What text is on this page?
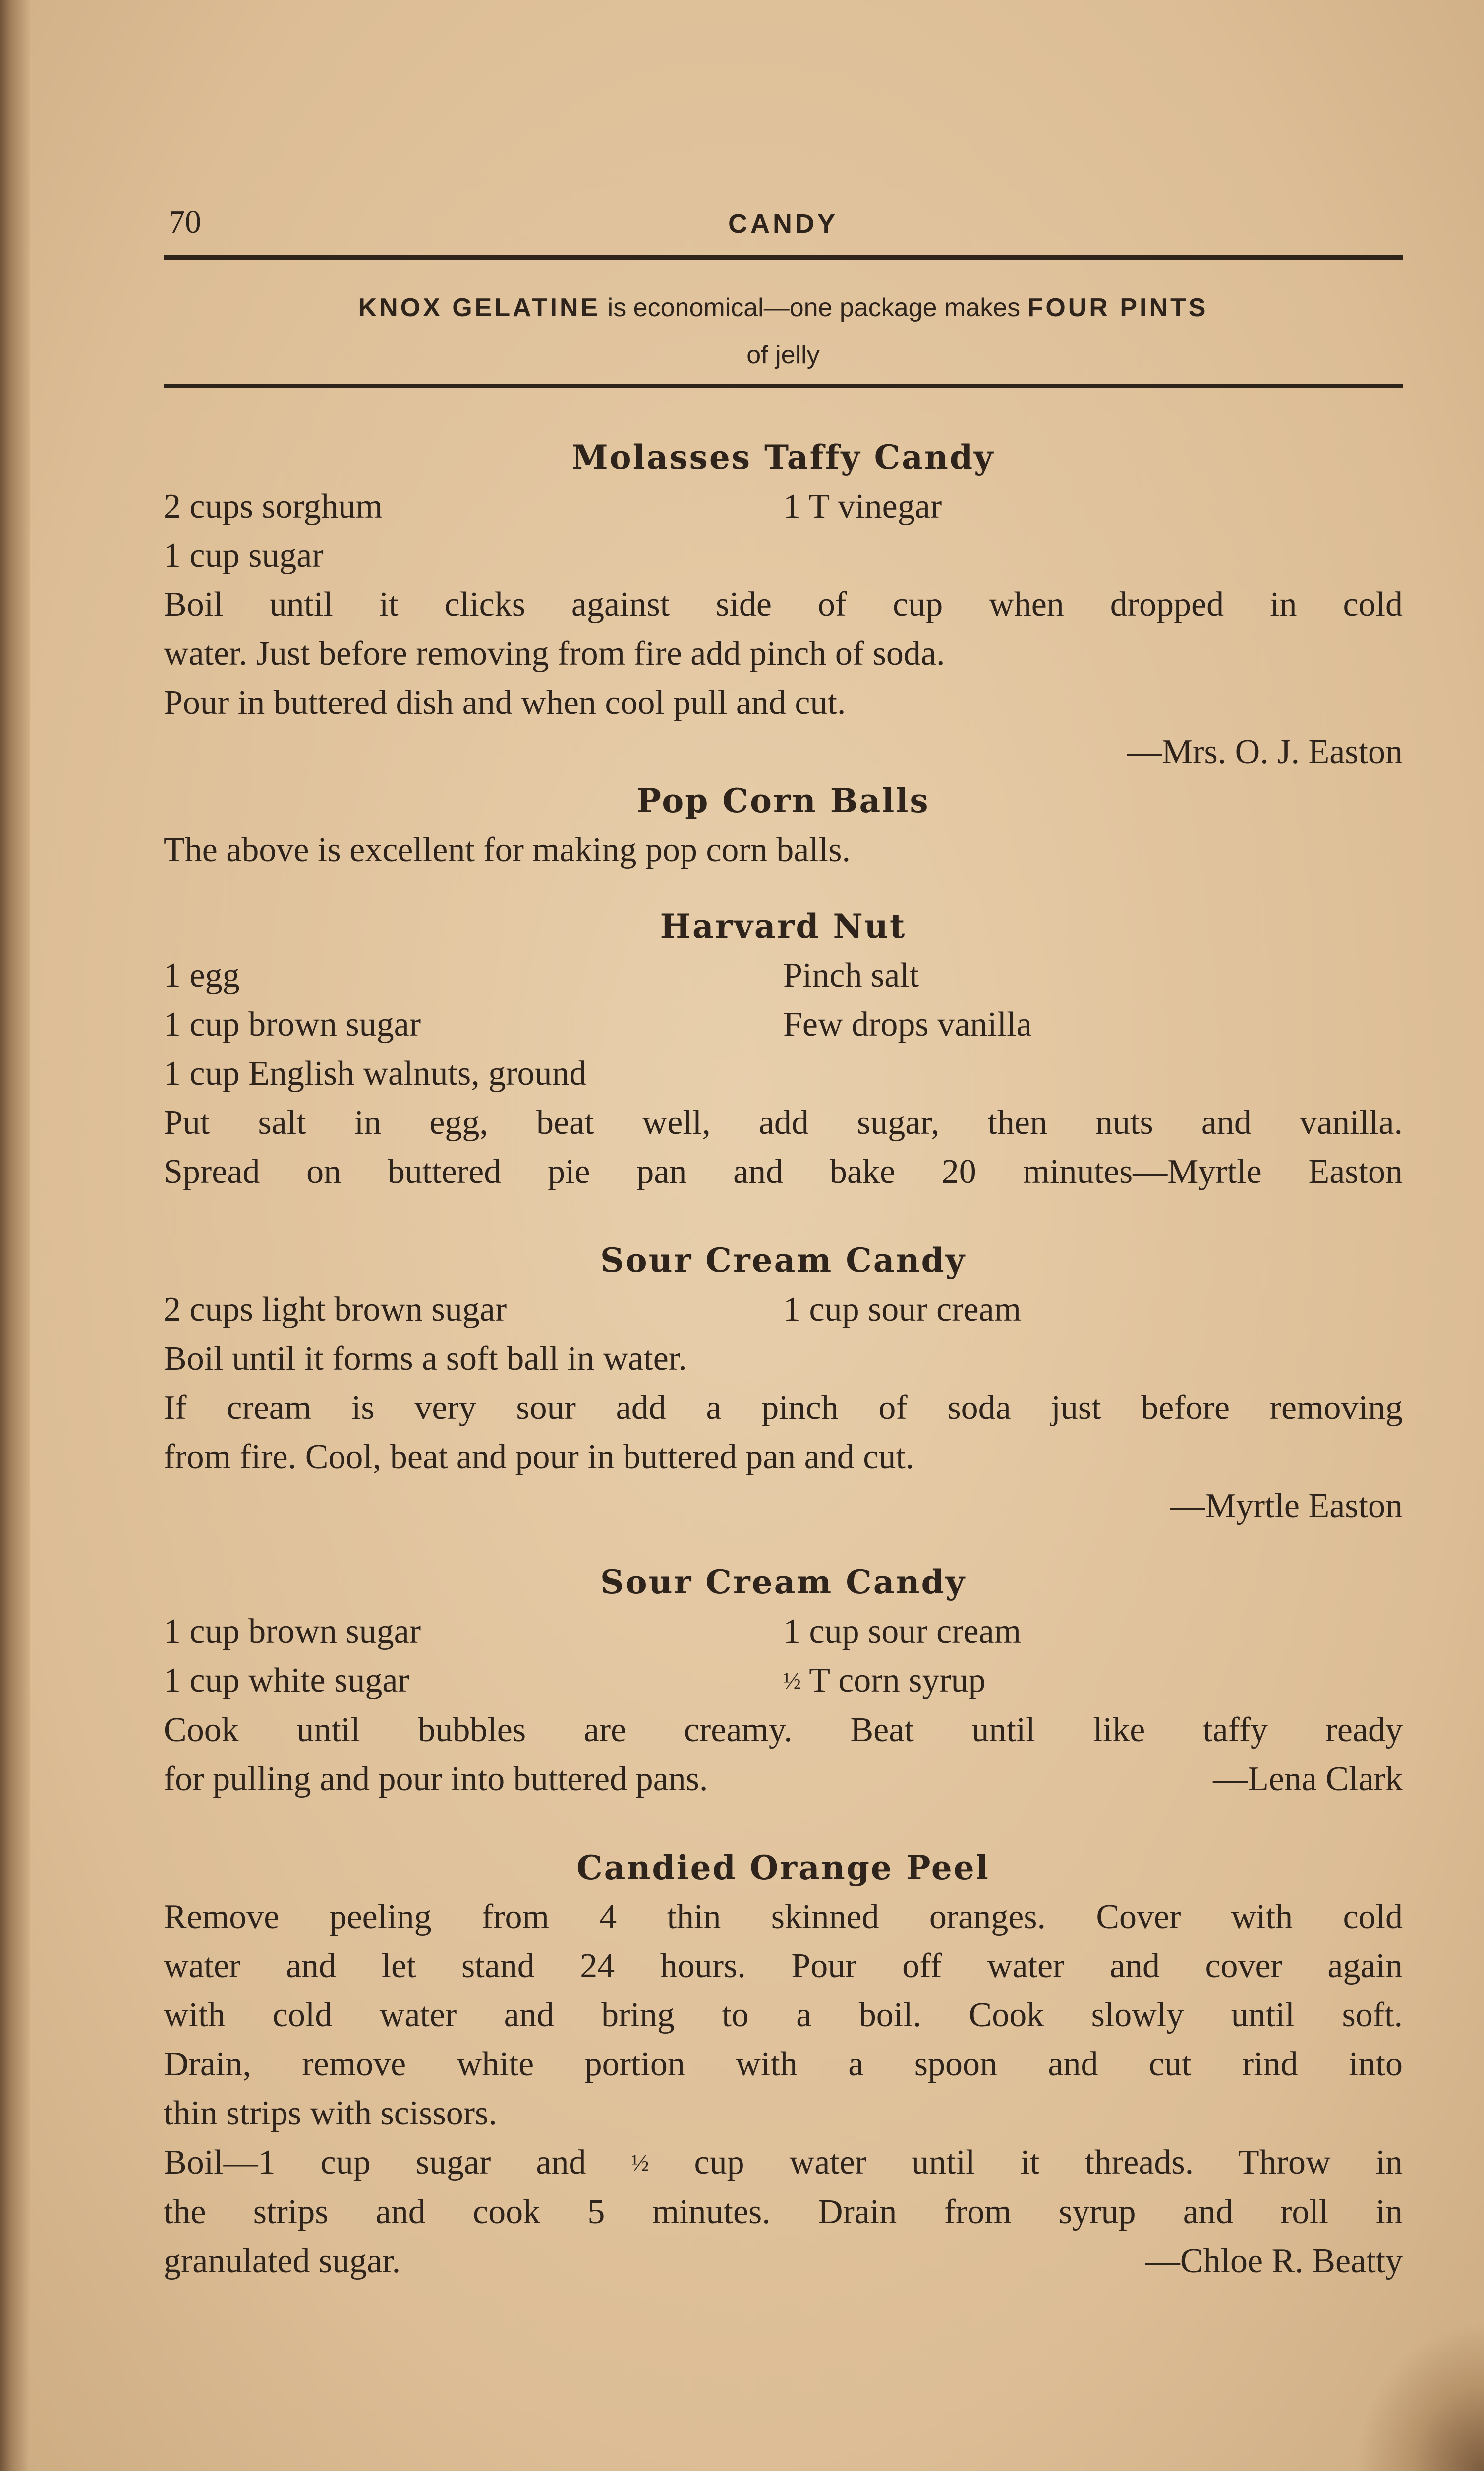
70	CANDY
KNOX GELATINE is economical—one package makes FOUR PINTS
of jelly
Molasses Taffy Candy
2 cups sorghum	1 T vinegar
1 cup sugar
Boil until it clicks against side of cup when dropped in cold
water. Just before removing from fire add pinch of soda.
Pour in buttered dish and when cool pull and cut.
—Mrs. O. J. Easton
Pop Corn Balls
The above is excellent for making pop corn balls.
Harvard Nut
1 egg	Pinch salt
1 cup brown sugar	Few drops vanilla
1 cup English walnuts, ground
Put salt in egg, beat well, add sugar, then nuts and vanilla.
Spread on buttered pie pan and bake 20 minutes—Myrtle Easton
Sour Cream Candy
2 cups light brown sugar	1 cup sour cream
Boil until it forms a soft ball in water.
If cream is very sour add a pinch of soda just before removing
from fire. Cool, beat and pour in buttered pan and cut.
—Myrtle Easton
Sour Cream Candy
1 cup brown sugar	1 cup sour cream
1 cup white sugar	½ T corn syrup
Cook until bubbles are creamy. Beat until like taffy ready
for pulling and pour into buttered pans.	—Lena Clark
Candied Orange Peel
Remove peeling from 4 thin skinned oranges. Cover with cold
water and let stand 24 hours. Pour off water and cover again
with cold water and bring to a boil. Cook slowly until soft.
Drain, remove white portion with a spoon and cut rind into
thin strips with scissors.
Boil—1 cup sugar and ½ cup water until it threads. Throw in
the strips and cook 5 minutes. Drain from syrup and roll in
granulated sugar.	—Chloe R. Beatty
